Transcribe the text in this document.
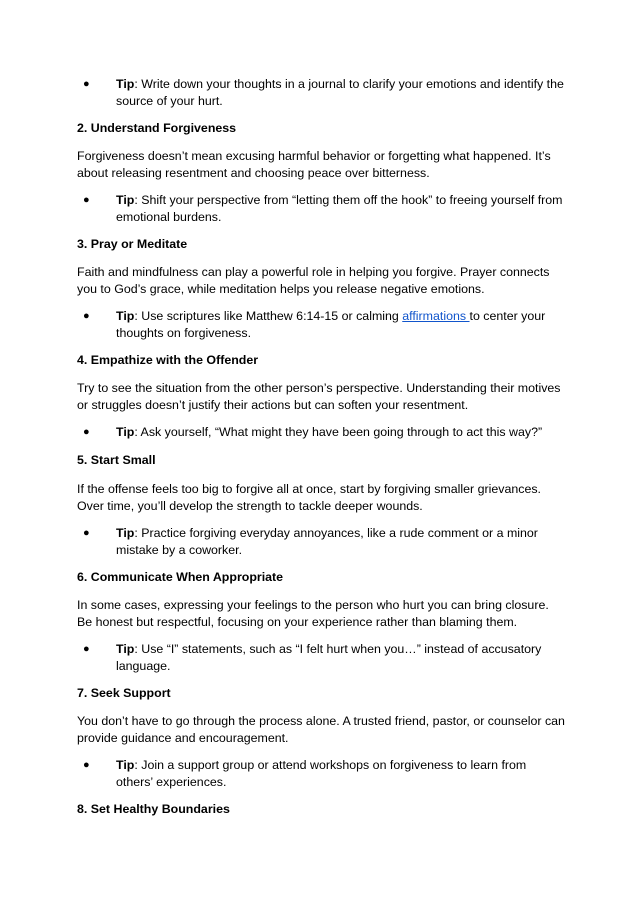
●	Tip: Write down your thoughts in a journal to clarify your emotions and identify the source of your hurt.
2. Understand Forgiveness
Forgiveness doesn’t mean excusing harmful behavior or forgetting what happened. It’s about releasing resentment and choosing peace over bitterness.
●	Tip: Shift your perspective from “letting them off the hook” to freeing yourself from emotional burdens.
3. Pray or Meditate
Faith and mindfulness can play a powerful role in helping you forgive. Prayer connects you to God’s grace, while meditation helps you release negative emotions.
●	Tip: Use scriptures like Matthew 6:14-15 or calming affirmations to center your thoughts on forgiveness.
4. Empathize with the Offender
Try to see the situation from the other person’s perspective. Understanding their motives or struggles doesn’t justify their actions but can soften your resentment.
●	Tip: Ask yourself, “What might they have been going through to act this way?”
5. Start Small
If the offense feels too big to forgive all at once, start by forgiving smaller grievances. Over time, you’ll develop the strength to tackle deeper wounds.
●	Tip: Practice forgiving everyday annoyances, like a rude comment or a minor mistake by a coworker.
6. Communicate When Appropriate
In some cases, expressing your feelings to the person who hurt you can bring closure. Be honest but respectful, focusing on your experience rather than blaming them.
●	Tip: Use “I” statements, such as “I felt hurt when you…” instead of accusatory language.
7. Seek Support
You don’t have to go through the process alone. A trusted friend, pastor, or counselor can provide guidance and encouragement.
●	Tip: Join a support group or attend workshops on forgiveness to learn from others’ experiences.
8. Set Healthy Boundaries
